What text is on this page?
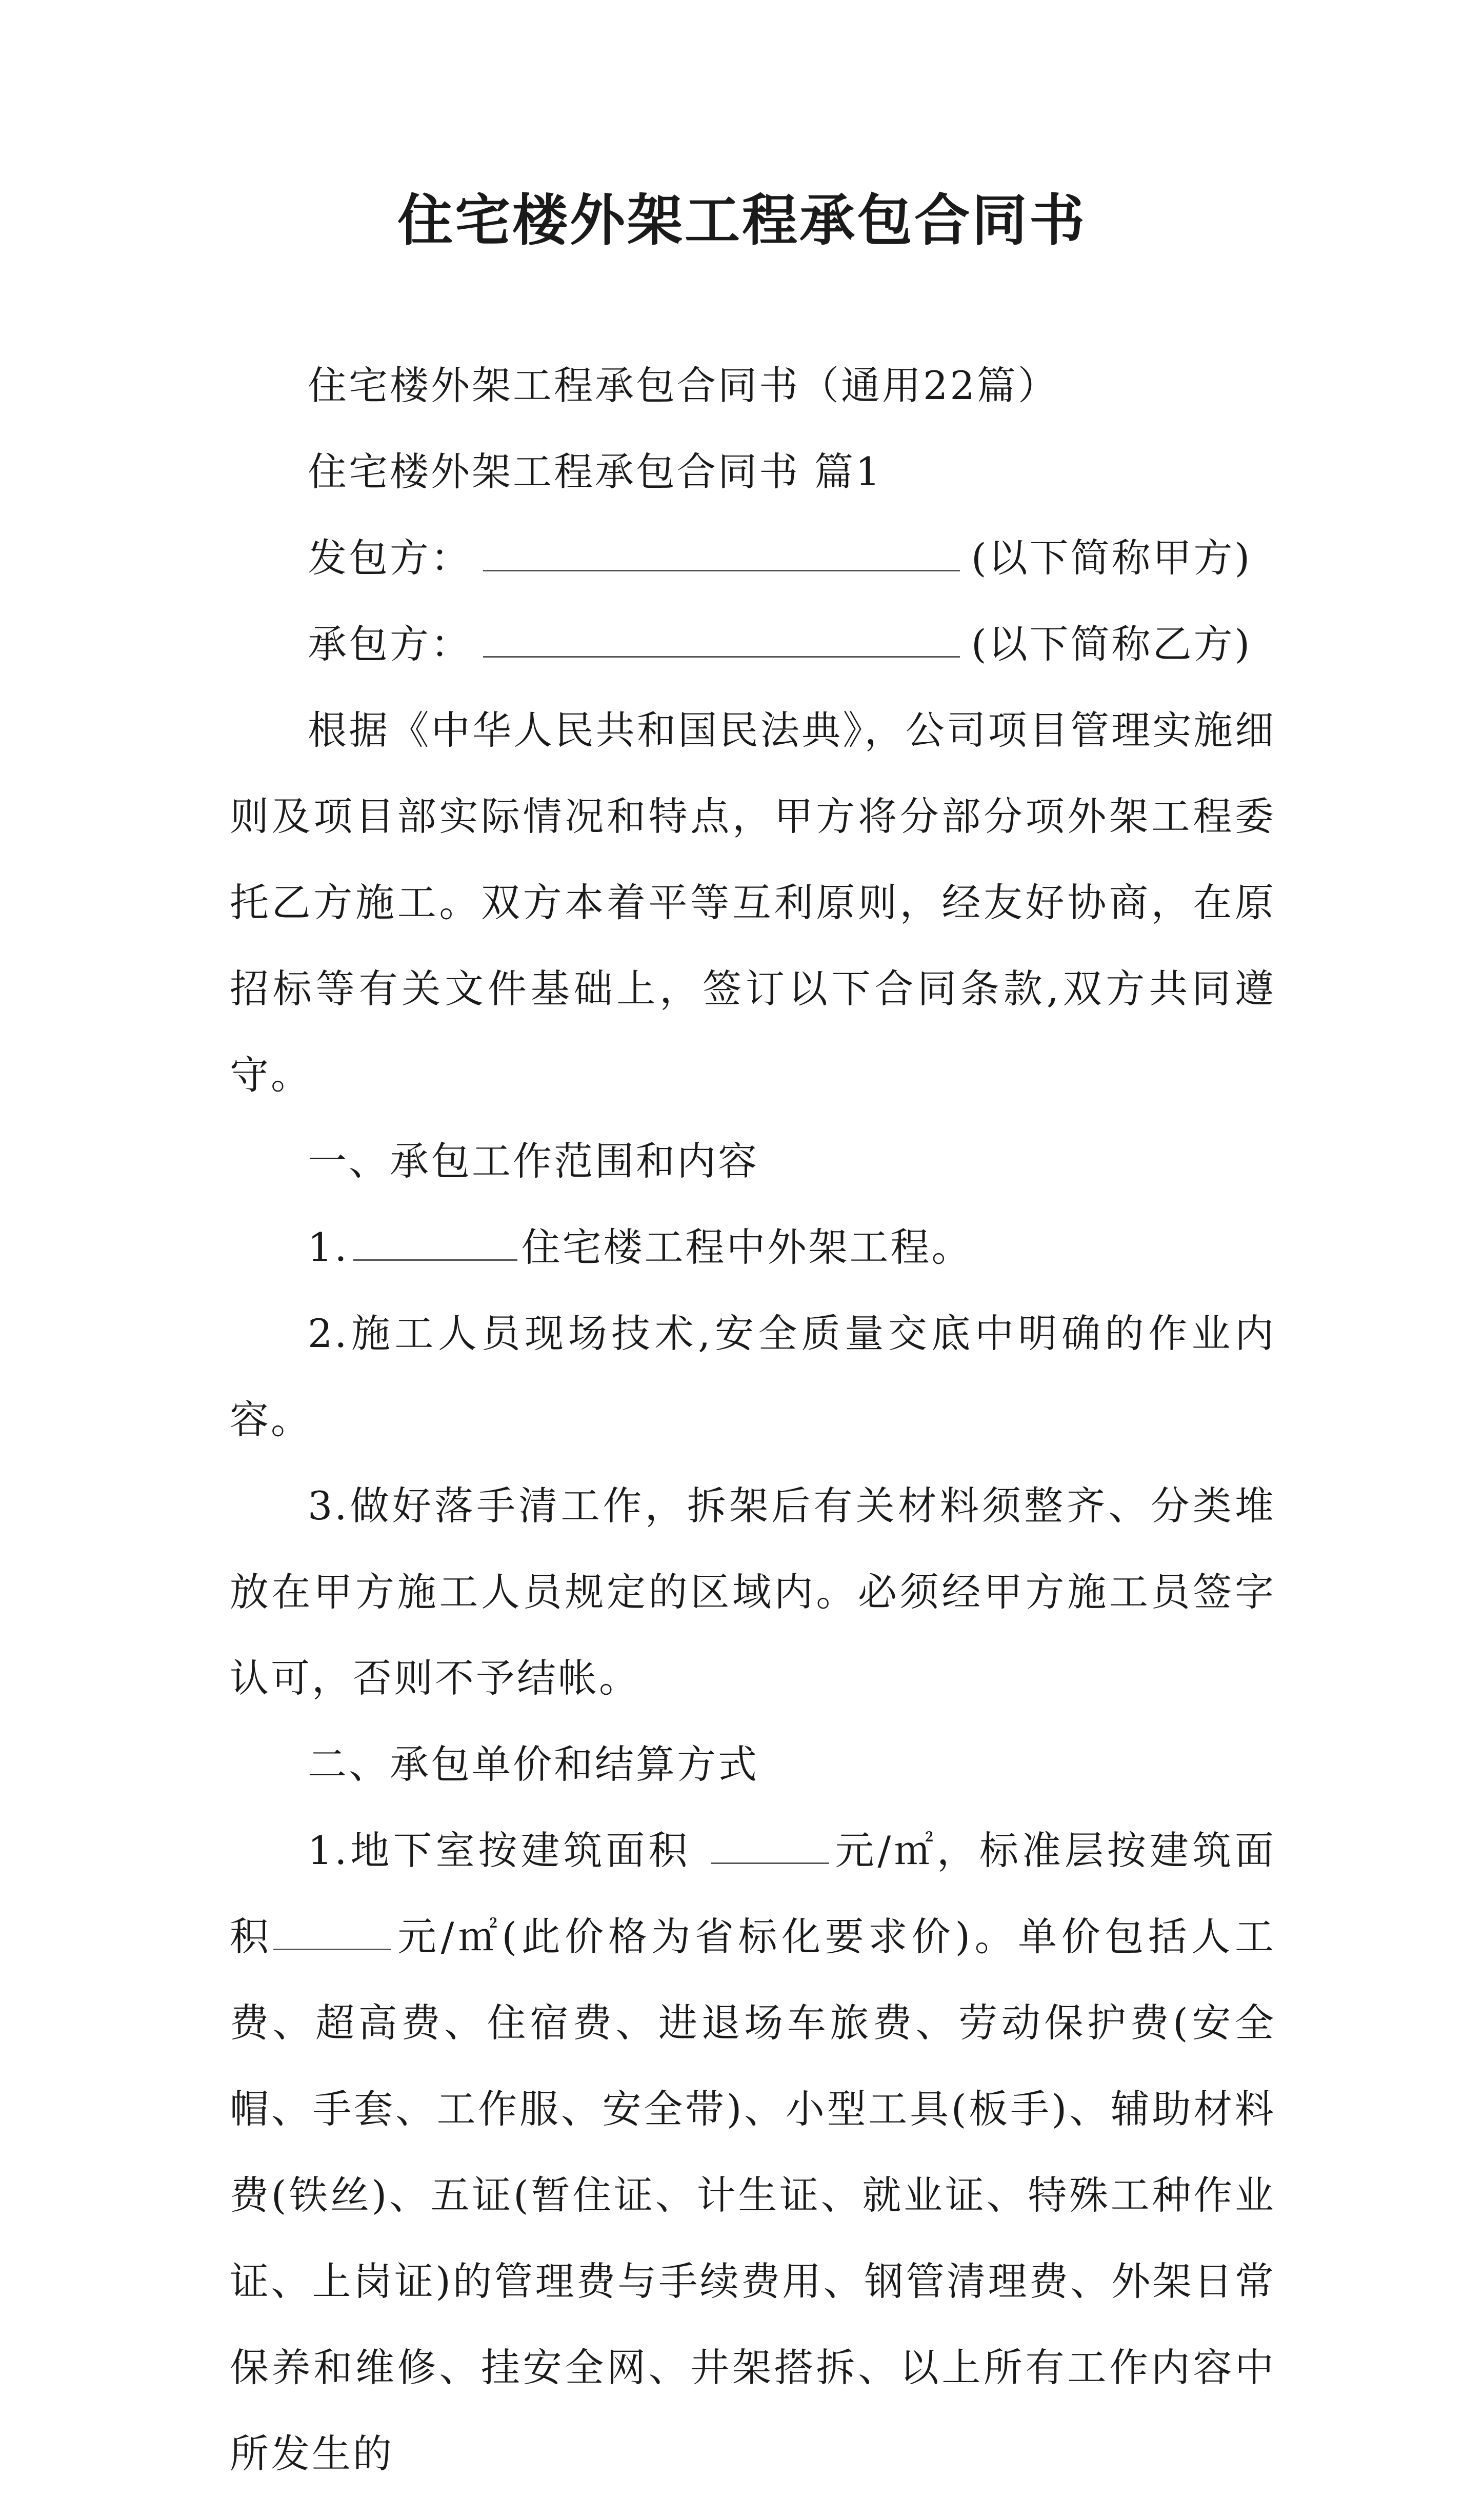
住宅楼外架工程承包合同书

住宅楼外架工程承包合同书（通用22篇）

住宅楼外架工程承包合同书 篇1

发包方：	(以下简称甲方)

承包方：	(以下简称乙方)

根据《中华人民共和国民法典》，公司项目管理实施细则及项目部实际情况和特点，甲方将分部分项外架工程委托乙方施工。双方本着平等互利原则，经友好协商，在原招标等有关文件基础上，签订以下合同条款,双方共同遵守。

一、承包工作范围和内容

1.	住宅楼工程中外架工程。

2.施工人员现场技术,安全质量交底中明确的作业内容。

3.做好落手清工作，拆架后有关材料须整齐、分类堆放在甲方施工人员规定的区域内。必须经甲方施工员签字认可，否则不予结帐。

二、承包单价和结算方式

1.地下室按建筑面积	元/㎡，标准层按建筑面积	元/㎡(此价格为省标化要求价)。单价包括人工费、超高费、住宿费、进退场车旅费、劳动保护费(安全帽、手套、工作服、安全带)、小型工具(板手)、辅助材料费(铁丝)、五证(暂住证、计生证、就业证、特殊工种作业证、上岗证)的管理费与手续费用、钢管清理费、外架日常保养和维修、挂安全网、井架搭拆、以上所有工作内容中所发生的
